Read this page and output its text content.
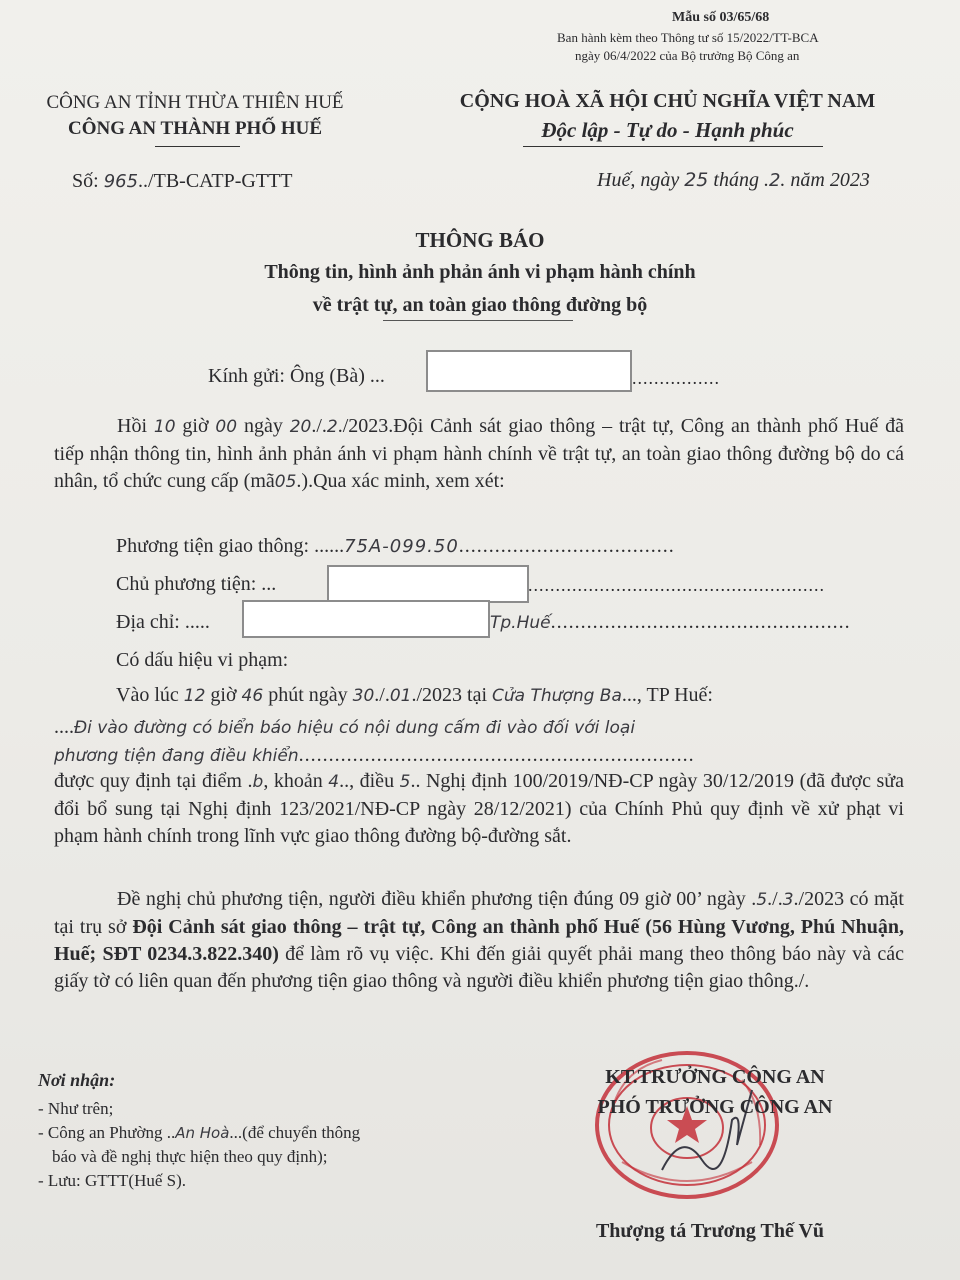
Mẫu số 03/65/68
Ban hành kèm theo Thông tư số 15/2022/TT-BCA
ngày 06/4/2022 của Bộ trưởng Bộ Công an
CÔNG AN TỈNH THỪA THIÊN HUẾ
CÔNG AN THÀNH PHỐ HUẾ
Số: 965../TB-CATP-GTTT
CỘNG HOÀ XÃ HỘI CHỦ NGHĨA VIỆT NAM
Độc lập - Tự do - Hạnh phúc
Huế, ngày 25 tháng .2. năm 2023
THÔNG BÁO
Thông tin, hình ảnh phản ánh vi phạm hành chính
về trật tự, an toàn giao thông đường bộ
Kính gửi: Ông (Bà) ...	................
Hồi 10 giờ 00 ngày 20./.2./2023.Đội Cảnh sát giao thông – trật tự, Công an thành phố Huế đã tiếp nhận thông tin, hình ảnh phản ánh vi phạm hành chính về trật tự, an toàn giao thông đường bộ do cá nhân, tổ chức cung cấp (mã05.).Qua xác minh, xem xét:
Phương tiện giao thông: ......75A-099.50....................................
Chủ phương tiện: ...	......................................................
Địa chỉ: .....	Tp.Huế..................................................
Có dấu hiệu vi phạm:
Vào lúc 12 giờ 46 phút ngày 30./.01./2023 tại Cửa Thượng Ba..., TP Huế:
....Đi vào đường có biển báo hiệu có nội dung cấm đi vào đối với loại
phương tiện đang điều khiển..................................................................
được quy định tại điểm .b, khoản 4.., điều 5.. Nghị định 100/2019/NĐ-CP ngày 30/12/2019 (đã được sửa đổi bổ sung tại Nghị định 123/2021/NĐ-CP ngày 28/12/2021) của Chính Phủ quy định về xử phạt vi phạm hành chính trong lĩnh vực giao thông đường bộ-đường sắt.
Đề nghị chủ phương tiện, người điều khiển phương tiện đúng 09 giờ 00’ ngày .5./.3./2023 có mặt tại trụ sở Đội Cảnh sát giao thông – trật tự, Công an thành phố Huế (56 Hùng Vương, Phú Nhuận, Huế; SĐT 0234.3.822.340) để làm rõ vụ việc. Khi đến giải quyết phải mang theo thông báo này và các giấy tờ có liên quan đến phương tiện giao thông và người điều khiển phương tiện giao thông./.
Nơi nhận:
- Như trên;
- Công an Phường ..An Hoà...(để chuyển thông
báo và đề nghị thực hiện theo quy định);
- Lưu: GTTT(Huế S).
KT.TRƯỞNG CÔNG AN
PHÓ TRƯỞNG CÔNG AN
Thượng tá Trương Thế Vũ
